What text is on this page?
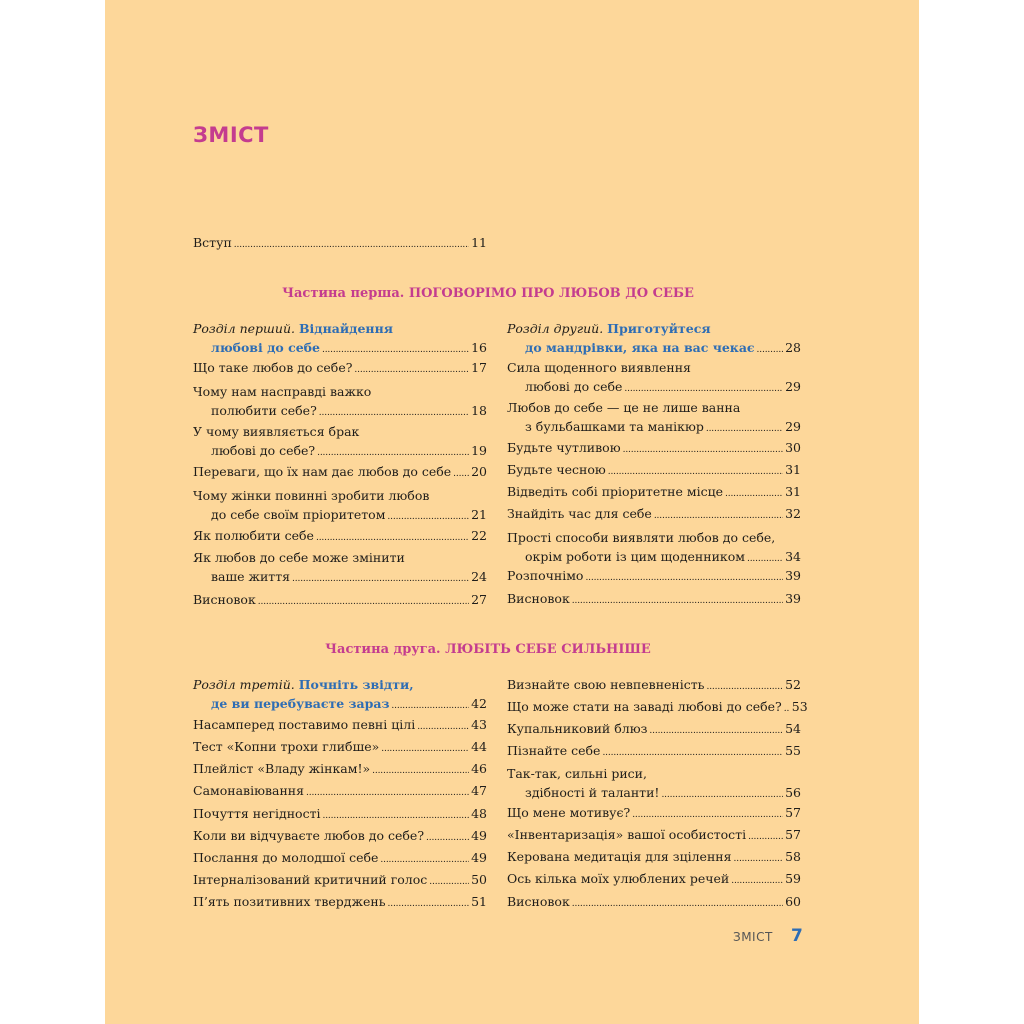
ЗМІСТ
Вступ . . .	11
Частина перша. ПОГОВОРІМО ПРО ЛЮБОВ ДО СЕБЕ
Розділ перший.
Віднайдення
любові до себе . . .	16
Що таке любов до себе? . . .	17
Чому нам насправді важко
полюбити себе? . . .	18
У чому виявляється брак
любові до себе? . . .	19
Переваги, що їх нам дає любов до себе . . . 20
Чому жінки повинні зробити любов
до себе своїм пріоритетом . . .	21
Як полюбити себе . . .	22
Як любов до себе може змінити
ваше життя . . .	24
Висновок . . .	27
Розділ другий.
Приготуйтеся
до мандрівки, яка на вас чекає . . . 28
Сила щоденного виявлення
любові до себе . . .	29
Любов до себе — це не лише ванна
з бульбашками та манікюр . . .	29
Будьте чутливою . . .	30
Будьте чесною . . .	31
Відведіть собі пріоритетне місце . . .	31
Знайдіть час для себе . . .	32
Прості способи виявляти любов до себе,
окрім роботи із цим щоденником . . .	34
Розпочнімо . . .	39
Висновок . . .	39
Частина друга. ЛЮБІТЬ СЕБЕ СИЛЬНІШЕ
Розділ третій.
Почніть звідти,
де ви перебуваєте зараз . . .	42
Насамперед поставимо певні цілі . . .	43
Тест «Копни трохи глибше» . . .	44
Плейліст «Владу жінкам!» . . .	46
Самонавіювання . . .	47
Почуття негідності . . .	48
Коли ви відчуваєте любов до себе? . . .	49
Послання до молодшої себе . . .	49
Інтерналізований критичний голос . . .	50
П’ять позитивних тверджень . . .	51
Визнайте свою невпевненість . . .	52
Що може стати на заваді любові до себе? . . . 53
Купальниковий блюз . . .	54
Пізнайте себе . . .	55
Так-так, сильні риси,
здібності й таланти! . . .	56
Що мене мотивує? . . .	57
«Інвентаризація» вашої особистості . . .	57
Керована медитація для зцілення . . .	58
Ось кілька моїх улюблених речей . . .	59
Висновок . . .	60
ЗМІСТ 7
